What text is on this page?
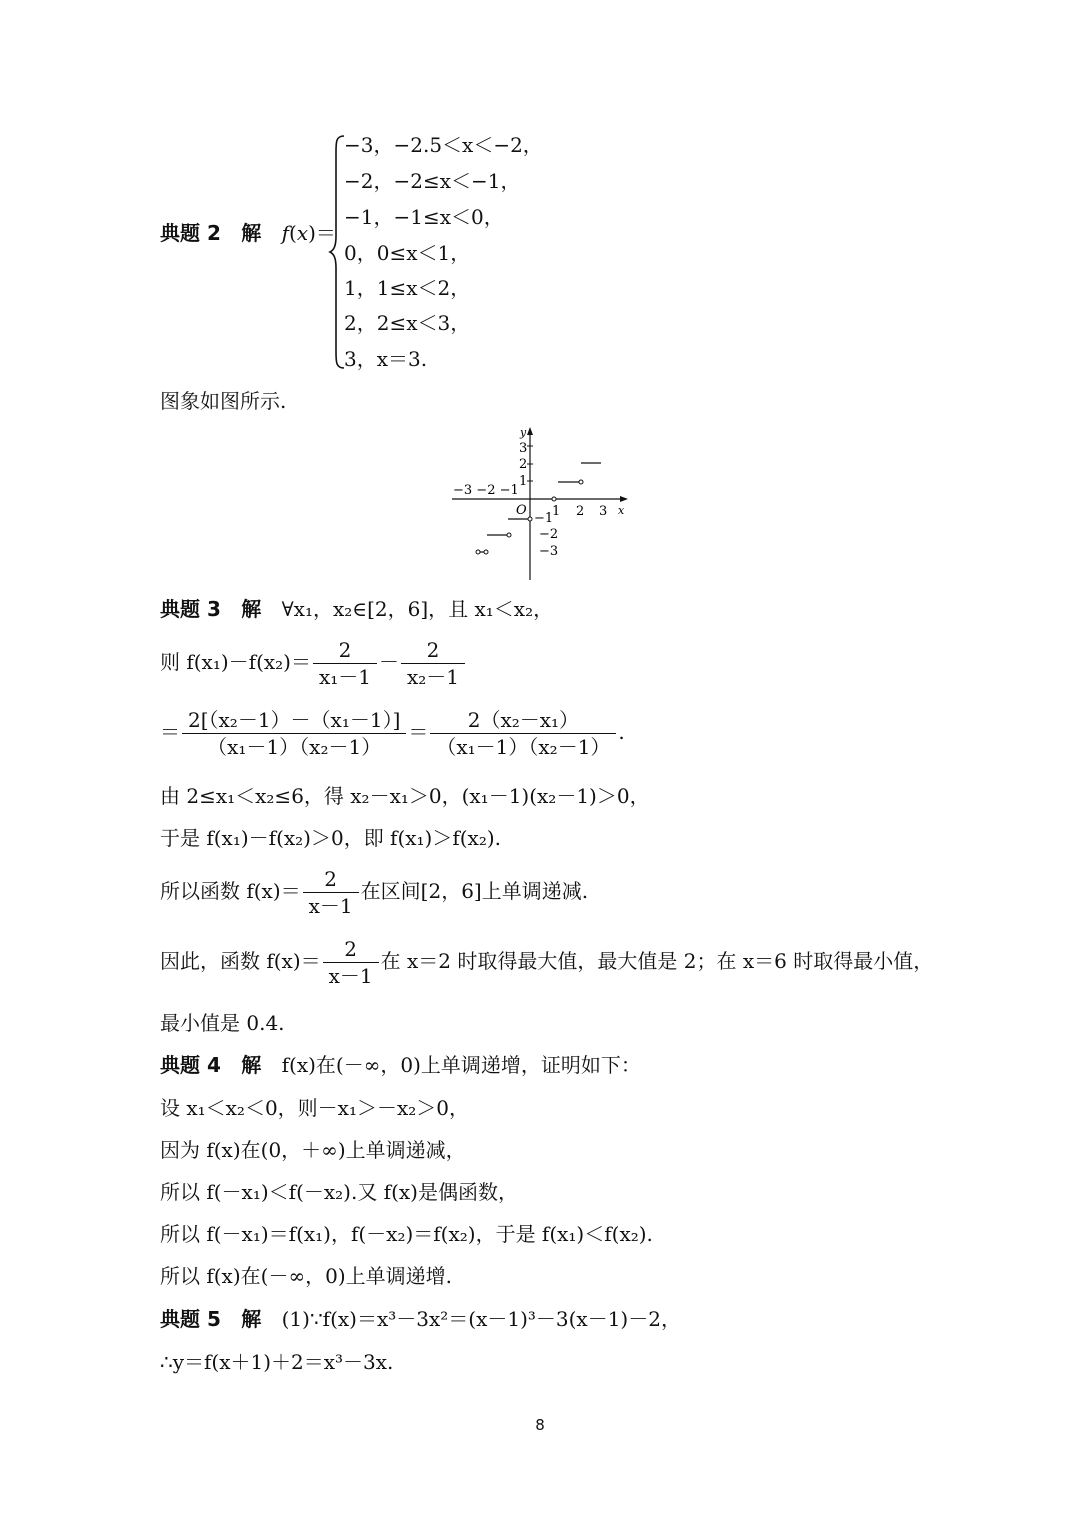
典题 2 解 f(x)＝
−3，−2.5＜x＜−2，
−2，−2≤x＜−1，
−1，−1≤x＜0，
0，0≤x＜1，
1，1≤x＜2，
2，2≤x＜3，
3，x＝3.
图象如图所示.
x
y
O 1 2 3
−3 −2 −1
3
2
1
−1
−2
−3
典题 3 解 ∀x₁，x₂∈[2，6]，且 x₁＜x₂，
则 $f(x_1)-f(x_2)= \frac{2}{\text{x₁－1}} - \frac{2}{\text{x₂－1}}$
＝ $\frac{\text{2[（x₂－1）－（x₁－1）]}}{\text{（x₁－1）（x₂－1）}} = \frac{\text{2（x₂－x₁）}}{\text{（x₁－1）（x₂－1）}}$ .
由 2≤x₁＜x₂≤6，得 x₂－x₁＞0，(x₁－1)(x₂－1)＞0，
于是 f(x₁)－f(x₂)＞0，即 f(x₁)＞f(x₂).
所以函数 $f(x)= \frac{2}{x-1}$ 在区间[2，6]上单调递减.
因此，函数 $f(x)= \frac{2}{x-1}$ 在 x＝2 时取得最大值，最大值是 2；在 x＝6 时取得最小值，
最小值是 0.4.
典题 4 解 f(x)在(－∞，0)上单调递增，证明如下：
设 x₁＜x₂＜0，则－x₁＞－x₂＞0，
因为 f(x)在(0，＋∞)上单调递减，
所以 f(－x₁)＜f(－x₂).又 f(x)是偶函数，
所以 f(－x₁)＝f(x₁)，f(－x₂)＝f(x₂)，于是 f(x₁)＜f(x₂).
所以 f(x)在(－∞，0)上单调递增.
典题 5 解 (1)∵f(x)＝x³－3x²＝(x－1)³－3(x－1)－2，
∴y＝f(x＋1)＋2＝x³－3x.
8
